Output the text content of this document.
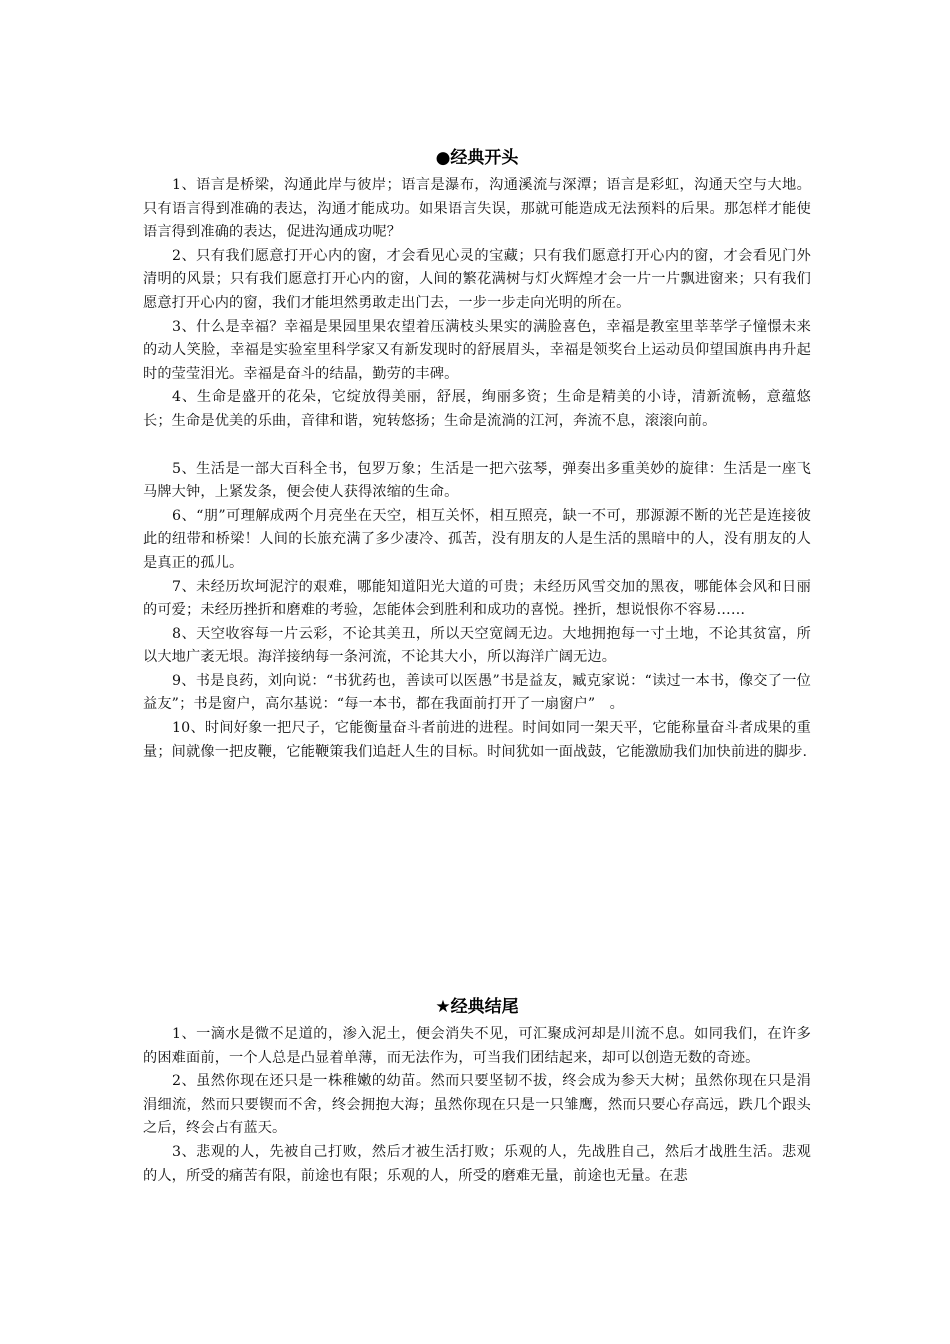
●经典开头

1、语言是桥梁，沟通此岸与彼岸；语言是瀑布，沟通溪流与深潭；语言是彩虹，沟通天空与大地。只有语言得到准确的表达，沟通才能成功。如果语言失误，那就可能造成无法预料的后果。那怎样才能使语言得到准确的表达，促进沟通成功呢？

2、只有我们愿意打开心内的窗，才会看见心灵的宝藏；只有我们愿意打开心内的窗，才会看见门外清明的风景；只有我们愿意打开心内的窗，人间的繁花满树与灯火辉煌才会一片一片飘进窗来；只有我们愿意打开心内的窗，我们才能坦然勇敢走出门去，一步一步走向光明的所在。

3、什么是幸福？幸福是果园里果农望着压满枝头果实的满脸喜色，幸福是教室里莘莘学子憧憬未来的动人笑脸，幸福是实验室里科学家又有新发现时的舒展眉头，幸福是领奖台上运动员仰望国旗冉冉升起时的莹莹泪光。幸福是奋斗的结晶，勤劳的丰碑。

4、生命是盛开的花朵，它绽放得美丽，舒展，绚丽多资；生命是精美的小诗，清新流畅，意蕴悠长；生命是优美的乐曲，音律和谐，宛转悠扬；生命是流淌的江河，奔流不息，滚滚向前。

5、生活是一部大百科全书，包罗万象；生活是一把六弦琴，弹奏出多重美妙的旋律：生活是一座飞马牌大钟，上紧发条，便会使人获得浓缩的生命。

6、“朋”可理解成两个月亮坐在天空，相互关怀，相互照亮，缺一不可，那源源不断的光芒是连接彼此的纽带和桥梁！人间的长旅充满了多少凄冷、孤苦，没有朋友的人是生活的黑暗中的人，没有朋友的人是真正的孤儿。

7、未经历坎坷泥泞的艰难，哪能知道阳光大道的可贵；未经历风雪交加的黑夜，哪能体会风和日丽的可爱；未经历挫折和磨难的考验，怎能体会到胜利和成功的喜悦。挫折，想说恨你不容易……

8、天空收容每一片云彩，不论其美丑，所以天空宽阔无边。大地拥抱每一寸土地，不论其贫富，所以大地广袤无垠。海洋接纳每一条河流，不论其大小，所以海洋广阔无边。

9、书是良药，刘向说：“书犹药也，善读可以医愚”书是益友，臧克家说：“读过一本书，像交了一位益友”；书是窗户，高尔基说：“每一本书，都在我面前打开了一扇窗户”　。

10、时间好象一把尺子，它能衡量奋斗者前进的进程。时间如同一架天平，它能称量奋斗者成果的重量；间就像一把皮鞭，它能鞭策我们追赶人生的目标。时间犹如一面战鼓，它能激励我们加快前进的脚步.

★经典结尾

1、一滴水是微不足道的，渗入泥土，便会消失不见，可汇聚成河却是川流不息。如同我们，在许多的困难面前，一个人总是凸显着单薄，而无法作为，可当我们团结起来，却可以创造无数的奇迹。

2、虽然你现在还只是一株稚嫩的幼苗。然而只要坚韧不拔，终会成为参天大树；虽然你现在只是涓涓细流，然而只要锲而不舍，终会拥抱大海；虽然你现在只是一只雏鹰，然而只要心存高远，跌几个跟头之后，终会占有蓝天。

3、悲观的人，先被自己打败，然后才被生活打败；乐观的人，先战胜自己，然后才战胜生活。悲观的人，所受的痛苦有限，前途也有限；乐观的人，所受的磨难无量，前途也无量。在悲
